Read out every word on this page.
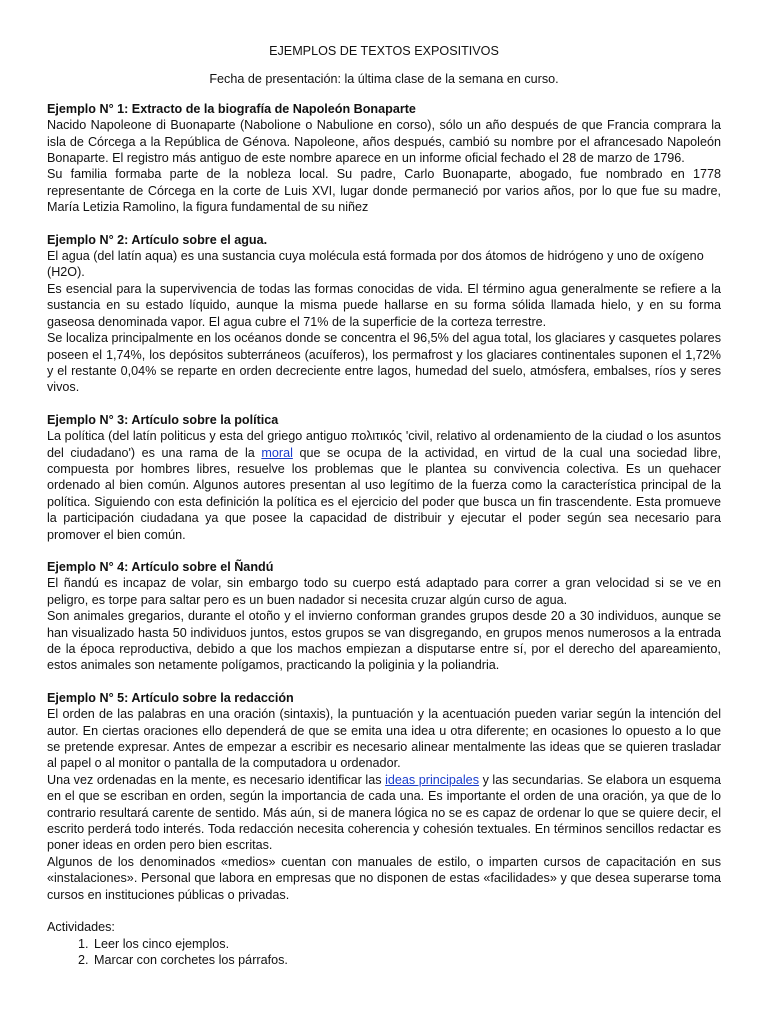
EJEMPLOS DE TEXTOS EXPOSITIVOS

Fecha de presentación: la última clase de la semana en curso.

Ejemplo N° 1: Extracto de la biografía de Napoleón Bonaparte

Nacido Napoleone di Buonaparte (Nabolione o Nabulione en corso), sólo un año después de que Francia comprara la isla de Córcega a la República de Génova. Napoleone, años después, cambió su nombre por el afrancesado Napoleón Bonaparte. El registro más antiguo de este nombre aparece en un informe oficial fechado el 28 de marzo de 1796.

Su familia formaba parte de la nobleza local. Su padre, Carlo Buonaparte, abogado, fue nombrado en 1778 representante de Córcega en la corte de Luis XVI, lugar donde permaneció por varios años, por lo que fue su madre, María Letizia Ramolino, la figura fundamental de su niñez

Ejemplo N° 2: Artículo sobre el agua.

El agua (del latín aqua) es una sustancia cuya molécula está formada por dos átomos de hidrógeno y uno de oxígeno (H2O).

Es esencial para la supervivencia de todas las formas conocidas de vida. El término agua generalmente se refiere a la sustancia en su estado líquido, aunque la misma puede hallarse en su forma sólida llamada hielo, y en su forma gaseosa denominada vapor. El agua cubre el 71% de la superficie de la corteza terrestre.

Se localiza principalmente en los océanos donde se concentra el 96,5% del agua total, los glaciares y casquetes polares poseen el 1,74%, los depósitos subterráneos (acuíferos), los permafrost y los glaciares continentales suponen el 1,72% y el restante 0,04% se reparte en orden decreciente entre lagos, humedad del suelo, atmósfera, embalses, ríos y seres vivos.

Ejemplo N° 3: Artículo sobre la política

La política (del latín politicus y esta del griego antiguo πολιτικός 'civil, relativo al ordenamiento de la ciudad o los asuntos del ciudadano') es una rama de la moral que se ocupa de la actividad, en virtud de la cual una sociedad libre, compuesta por hombres libres, resuelve los problemas que le plantea su convivencia colectiva. Es un quehacer ordenado al bien común. Algunos autores presentan al uso legítimo de la fuerza como la característica principal de la política. Siguiendo con esta definición la política es el ejercicio del poder que busca un fin trascendente. Esta promueve la participación ciudadana ya que posee la capacidad de distribuir y ejecutar el poder según sea necesario para promover el bien común.

Ejemplo N° 4: Artículo sobre el Ñandú

El ñandú es incapaz de volar, sin embargo todo su cuerpo está adaptado para correr a gran velocidad si se ve en peligro, es torpe para saltar pero es un buen nadador si necesita cruzar algún curso de agua.

Son animales gregarios, durante el otoño y el invierno conforman grandes grupos desde 20 a 30 individuos, aunque se han visualizado hasta 50 individuos juntos, estos grupos se van disgregando, en grupos menos numerosos a la entrada de la época reproductiva, debido a que los machos empiezan a disputarse entre sí, por el derecho del apareamiento, estos animales son netamente polígamos, practicando la poliginia y la poliandria.

Ejemplo N° 5: Artículo sobre la redacción

El orden de las palabras en una oración (sintaxis), la puntuación y la acentuación pueden variar según la intención del autor. En ciertas oraciones ello dependerá de que se emita una idea u otra diferente; en ocasiones lo opuesto a lo que se pretende expresar. Antes de empezar a escribir es necesario alinear mentalmente las ideas que se quieren trasladar al papel o al monitor o pantalla de la computadora u ordenador.

Una vez ordenadas en la mente, es necesario identificar las ideas principales y las secundarias. Se elabora un esquema en el que se escriban en orden, según la importancia de cada una. Es importante el orden de una oración, ya que de lo contrario resultará carente de sentido. Más aún, si de manera lógica no se es capaz de ordenar lo que se quiere decir, el escrito perderá todo interés. Toda redacción necesita coherencia y cohesión textuales. En términos sencillos redactar es poner ideas en orden pero bien escritas.

Algunos de los denominados «medios» cuentan con manuales de estilo, o imparten cursos de capacitación en sus «instalaciones». Personal que labora en empresas que no disponen de estas «facilidades» y que desea superarse toma cursos en instituciones públicas o privadas.

Actividades:

1. Leer los cinco ejemplos.
2. Marcar con corchetes los párrafos.
